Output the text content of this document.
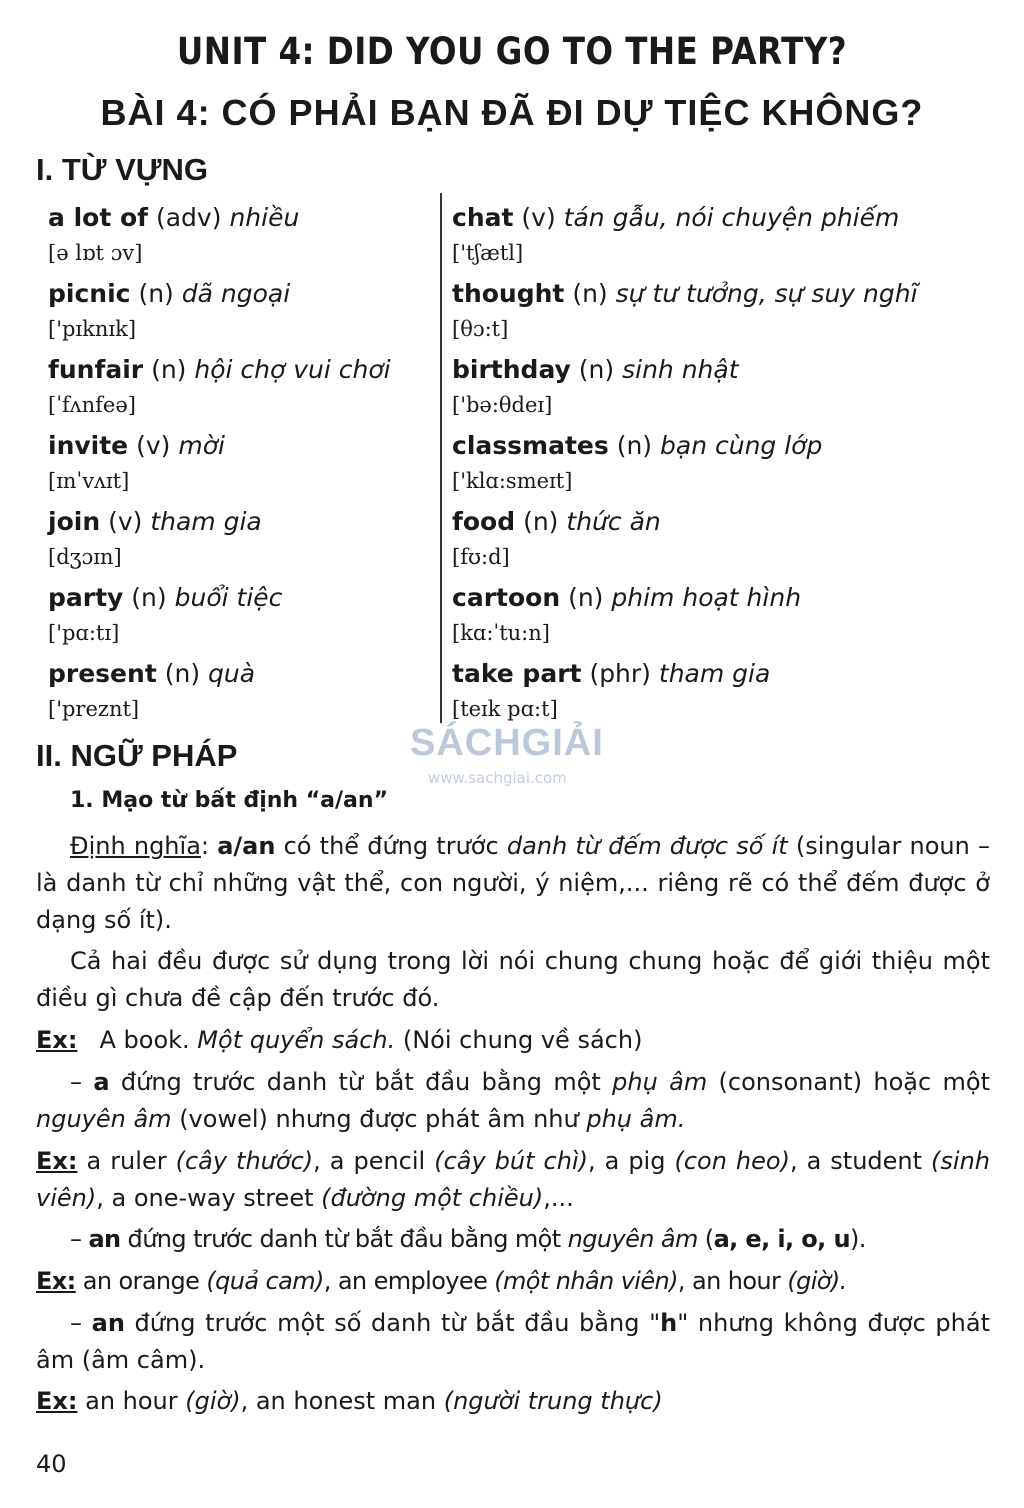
UNIT 4: DID YOU GO TO THE PARTY?
BÀI 4: CÓ PHẢI BẠN ĐÃ ĐI DỰ TIỆC KHÔNG?
I. TỪ VỰNG
a lot of (adv) nhiều
[ə lɒt ɔv]
picnic (n) dã ngoại
['pɪknɪk]
funfair (n) hội chợ vui chơi
[ˈfʌnfeə]
invite (v) mời
[ɪnˈvʌɪt]
join (v) tham gia
[dʒɔɪn]
party (n) buổi tiệc
['pɑ:tɪ]
present (n) quà
['preznt]
chat (v) tán gẫu, nói chuyện phiếm
['tʃætl]
thought (n) sự tư tưởng, sự suy nghĩ
[θɔ:t]
birthday (n) sinh nhật
['bə:θdeɪ]
classmates (n) bạn cùng lớp
['klɑ:smeɪt]
food (n) thức ăn
[fʊ:d]
cartoon (n) phim hoạt hình
[kɑ:ˈtu:n]
take part (phr) tham gia
[teɪk pɑ:t]
SÁCHGIẢI
www.sachgiai.com
II. NGỮ PHÁP
1. Mạo từ bất định “a/an”
Định nghĩa: a/an có thể đứng trước danh từ đếm được số ít (singular noun – là danh từ chỉ những vật thể, con người, ý niệm,... riêng rẽ có thể đếm được ở dạng số ít).
Cả hai đều được sử dụng trong lời nói chung chung hoặc để giới thiệu một điều gì chưa đề cập đến trước đó.
Ex: A book. Một quyển sách. (Nói chung về sách)
– a đứng trước danh từ bắt đầu bằng một phụ âm (consonant) hoặc một nguyên âm (vowel) nhưng được phát âm như phụ âm.
Ex: a ruler (cây thước), a pencil (cây bút chì), a pig (con heo), a student (sinh viên), a one-way street (đường một chiều),...
– an đứng trước danh từ bắt đầu bằng một nguyên âm (a, e, i, o, u).
Ex: an orange (quả cam), an employee (một nhân viên), an hour (giờ).
– an đứng trước một số danh từ bắt đầu bằng "h" nhưng không được phát âm (âm câm).
Ex: an hour (giờ), an honest man (người trung thực)
40
